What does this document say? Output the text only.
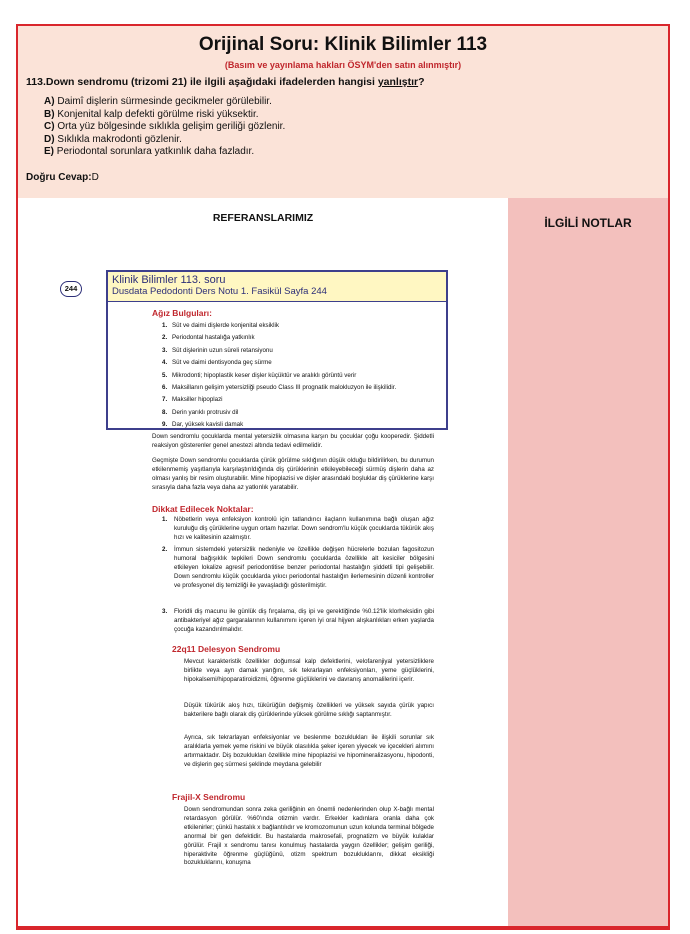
Orijinal Soru: Klinik Bilimler 113
(Basım ve yayınlama hakları ÖSYM'den satın alınmıştır)
113.Down sendromu (trizomi 21) ile ilgili aşağıdaki ifadelerden hangisi yanlıştır?
A) Daimî dişlerin sürmesinde gecikmeler görülebilir.
B) Konjenital kalp defekti görülme riski yüksektir.
C) Orta yüz bölgesinde sıklıkla gelişim geriliği gözlenir.
D) Sıklıkla makrodonti gözlenir.
E) Periodontal sorunlara yatkınlık daha fazladır.
Doğru Cevap:D
REFERANSLARIMIZ	İLGİLİ NOTLAR
244
Klinik Bilimler 113. soru
Dusdata Pedodonti Ders Notu 1. Fasikül Sayfa 244
Ağız Bulguları:
1. Süt ve daimi dişlerde konjenital eksiklik
2. Periodontal hastalığa yatkınlık
3. Süt dişlerinin uzun süreli retansiyonu
4. Süt ve daimi dentisyonda geç sürme
5. Mikrodonti; hipoplastik keser dişler küçüktür ve aralıklı görüntü verir
6. Maksillanın gelişim yetersizliği pseudo Class III prognatik malokluzyon ile ilişkilidir.
7. Maksiller hipoplazi
8. Derin yarıklı protrusiv dil
9. Dar, yüksek kavisli damak
Down sendromlu çocuklarda mental yetersizlik olmasına karşın bu çocuklar çoğu kooperedir. Şiddetli reaksiyon gösterenler genel anestezi altında tedavi edilmelidir.
Geçmişte Down sendromlu çocuklarda çürük görülme sıklığının düşük olduğu bildirilirken, bu durumun etkilenmemiş yaşıtlarıyla karşılaştırıldığında diş çürüklerinin etkileyebileceği sürmüş dişlerin daha az olması yanlış bir resim oluşturabilir. Mine hipoplazisi ve dişler arasındaki boşluklar diş çürüklerine karşı sırasıyla daha fazla veya daha az yatkınlık yaratabilir.
Dikkat Edilecek Noktalar:
1. Nöbetlerin veya enfeksiyon kontrolü için tatlandırıcı ilaçların kullanımına bağlı oluşan ağız kuruluğu diş çürüklerine uygun ortam hazırlar. Down sendrom'lu küçük çocuklarda tükürük akış hızı ve kalitesinin azalmıştır.
2. İmmun sistemdeki yetersizlik nedeniyle ve özellikle değişen hücrelerle bozulan fagositozun humoral bağışıklık tepkileri Down sendromlu çocuklarda özellikle alt kesiciler bölgesini etkileyen lokalize agresif periodontitise benzer periodontal hastalığın şiddetli tipi gelişebilir. Down sendromlu küçük çocuklarda yıkıcı periodontal hastalığın ilerlemesinin düzenli kontroller ve profesyonel diş temizliği ile yavaşladığı gösterilmiştir.
3. Floridli diş macunu ile günlük diş fırçalama, diş ipi ve gerektiğinde %0.12'lik klorheksidin gibi antibakteriyel ağız gargaralarının kullanımını içeren iyi oral hijyen alışkanlıkları erken yaşlarda çocuğa kazandırılmalıdır.
22q11 Delesyon Sendromu
Mevcut karakteristik özellikler doğumsal kalp defektlerini, velofarenjiyal yetersizliklere birlikte veya ayrı damak yarığını, sık tekrarlayan enfeksiyonları, yeme güçlüklerini, hipokalsemi/hipoparatiroidizmi, öğrenme güçlüklerini ve davranış anomalilerini içerir.
Düşük tükürük akış hızı, tükürüğün değişmiş özellikleri ve yüksek sayıda çürük yapıcı bakterilere bağlı olarak diş çürüklerinde yüksek görülme sıklığı saptanmıştır.
Ayrıca, sık tekrarlayan enfeksiyonlar ve beslenme bozuklukları ile ilişkili sorunlar sık aralıklarla yemek yeme riskini ve büyük olasılıkla şeker içeren yiyecek ve içecekleri alımını artırmaktadır. Diş bozuklukları özellikle mine hipoplazisi ve hipomineralizasyonu, hipodonti, ve dişlerin geç sürmesi şeklinde meydana gelebilir
Frajil-X Sendromu
Down sendromundan sonra zeka geriliğinin en önemli nedenlerinden olup X-bağlı mental retardasyon görülür. %60'ında otizmin vardır. Erkekler kadınlara oranla daha çok etkilenirler; çünkü hastalık x bağlantılıdır ve kromozomunun uzun kolunda terminal bölgede anormal bir gen defektidir. Bu hastalarda makrosefali, prognatizm ve büyük kulaklar görülür. Frajil x sendromu tanısı konulmuş hastalarda yaygın özellikler; gelişim geriliği, hiperaktivite öğrenme güçlüğünü, otizm spektrum bozukluklarını, dikkat eksikliği bozukluklarını, konuşma
